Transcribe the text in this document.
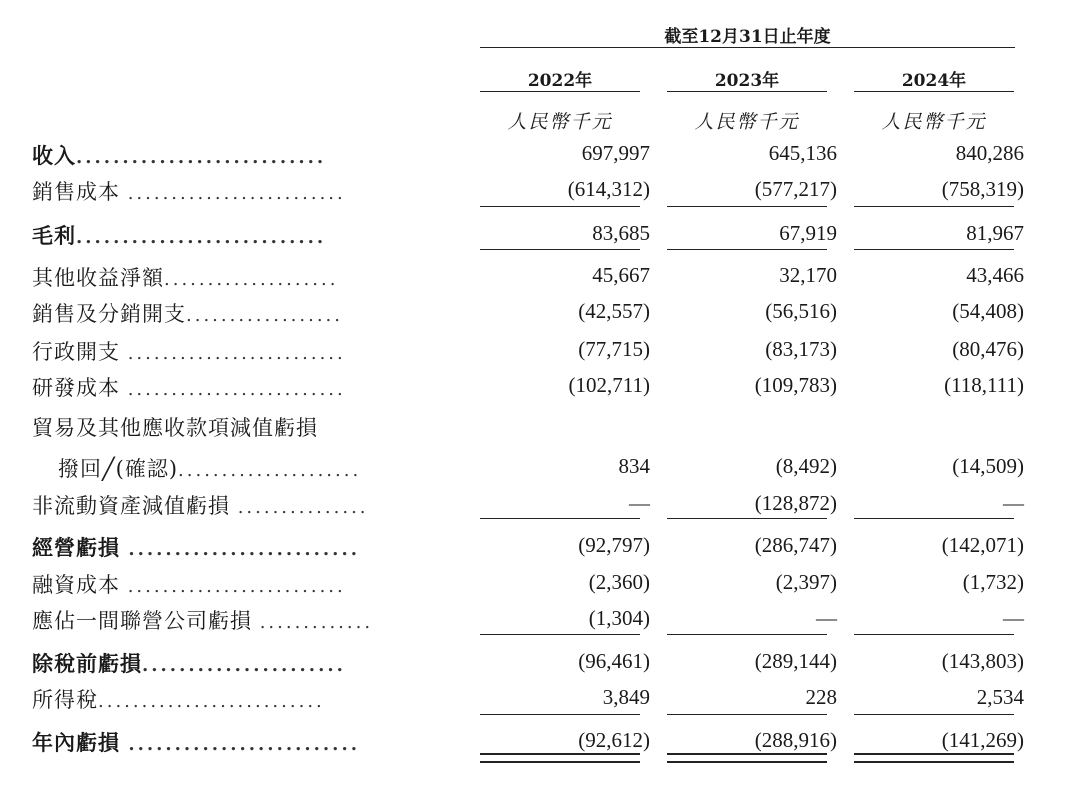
截至12月31日止年度
2022年	2023年	2024年
人民幣千元	人民幣千元	人民幣千元
收入...........................	697,997	645,136	840,286
銷售成本 .........................	(614,312)	(577,217)	(758,319)
毛利...........................	83,685	67,919	81,967
其他收益淨額....................	45,667	32,170	43,466
銷售及分銷開支..................	(42,557)	(56,516)	(54,408)
行政開支 .........................	(77,715)	(83,173)	(80,476)
研發成本 .........................	(102,711)	(109,783)	(118,111)
貿易及其他應收款項減值虧損
撥回╱(確認).....................	834	(8,492)	(14,509)
非流動資產減值虧損 ...............	—	(128,872)	—
經營虧損 .........................	(92,797)	(286,747)	(142,071)
融資成本 .........................	(2,360)	(2,397)	(1,732)
應佔一間聯營公司虧損 .............	(1,304)	—	—
除稅前虧損......................	(96,461)	(289,144)	(143,803)
所得稅..........................	3,849	228	2,534
年內虧損 .........................	(92,612)	(288,916)	(141,269)
